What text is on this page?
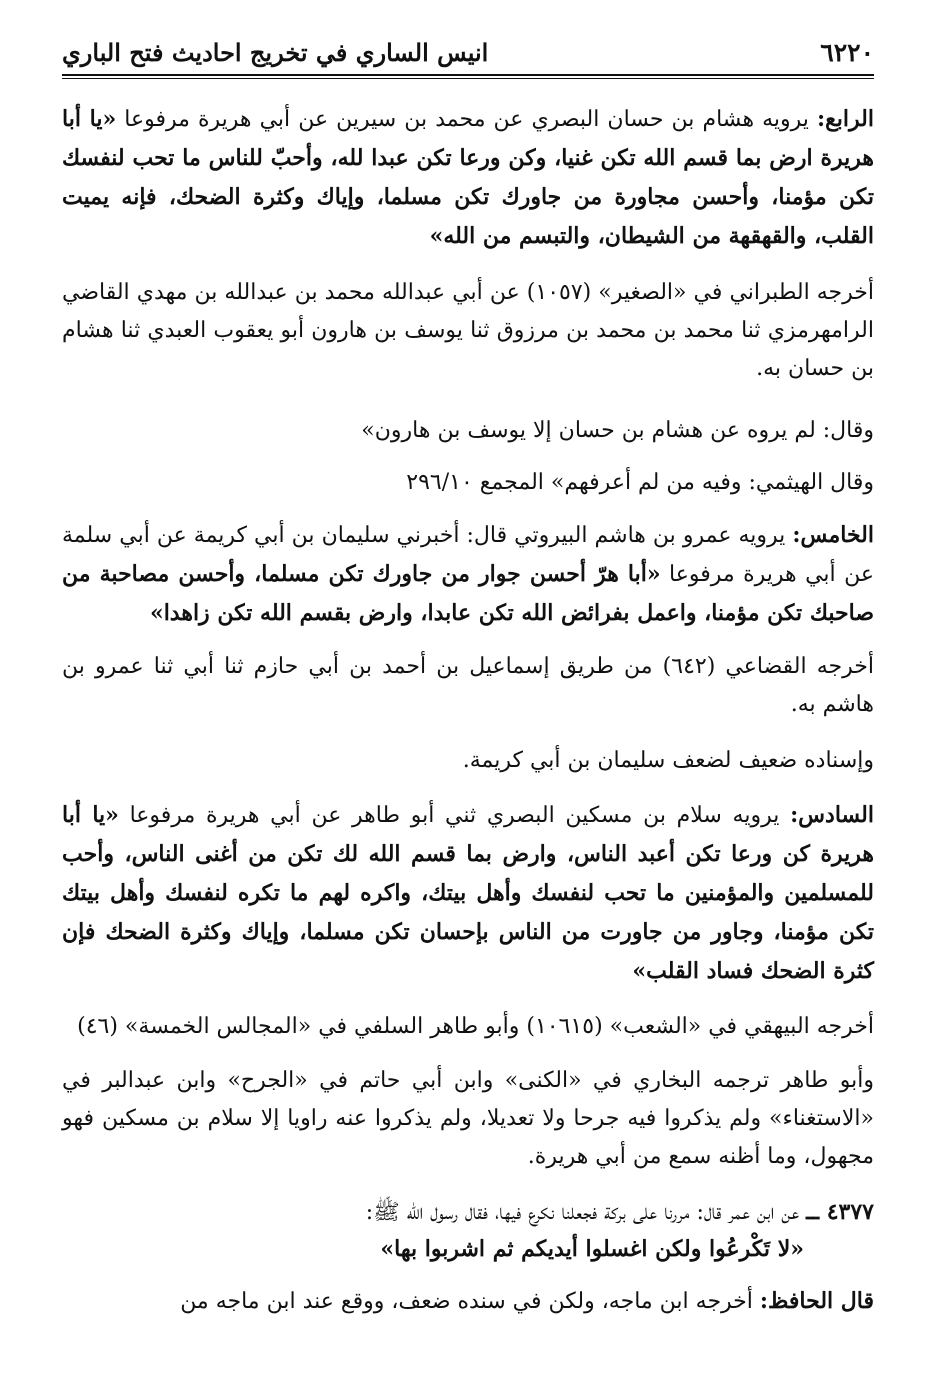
٦٢٢٠
انيس الساري في تخريج احاديث فتح الباري
الرابع: يرويه هشام بن حسان البصري عن محمد بن سيرين عن أبي هريرة مرفوعا «يا أبا هريرة ارض بما قسم الله تكن غنيا، وكن ورعا تكن عبدا لله، وأحبّ للناس ما تحب لنفسك تكن مؤمنا، وأحسن مجاورة من جاورك تكن مسلما، وإياك وكثرة الضحك، فإنه يميت القلب، والقهقهة من الشيطان، والتبسم من الله»
أخرجه الطبراني في «الصغير» (١٠٥٧) عن أبي عبدالله محمد بن عبدالله بن مهدي القاضي الرامهرمزي ثنا محمد بن محمد بن مرزوق ثنا يوسف بن هارون أبو يعقوب العبدي ثنا هشام بن حسان به.
وقال: لم يروه عن هشام بن حسان إلا يوسف بن هارون»
وقال الهيثمي: وفيه من لم أعرفهم» المجمع ٢٩٦/١٠
الخامس: يرويه عمرو بن هاشم البيروتي قال: أخبرني سليمان بن أبي كريمة عن أبي سلمة عن أبي هريرة مرفوعا «أبا هرّ أحسن جوار من جاورك تكن مسلما، وأحسن مصاحبة من صاحبك تكن مؤمنا، واعمل بفرائض الله تكن عابدا، وارض بقسم الله تكن زاهدا»
أخرجه القضاعي (٦٤٢) من طريق إسماعيل بن أحمد بن أبي حازم ثنا أبي ثنا عمرو بن هاشم به.
وإسناده ضعيف لضعف سليمان بن أبي كريمة.
السادس: يرويه سلام بن مسكين البصري ثني أبو طاهر عن أبي هريرة مرفوعا «يا أبا هريرة كن ورعا تكن أعبد الناس، وارض بما قسم الله لك تكن من أغنى الناس، وأحب للمسلمين والمؤمنين ما تحب لنفسك وأهل بيتك، واكره لهم ما تكره لنفسك وأهل بيتك تكن مؤمنا، وجاور من جاورت من الناس بإحسان تكن مسلما، وإياك وكثرة الضحك فإن كثرة الضحك فساد القلب»
أخرجه البيهقي في «الشعب» (١٠٦١٥) وأبو طاهر السلفي في «المجالس الخمسة» (٤٦)
وأبو طاهر ترجمه البخاري في «الكنى» وابن أبي حاتم في «الجرح» وابن عبدالبر في «الاستغناء» ولم يذكروا فيه جرحا ولا تعديلا، ولم يذكروا عنه راويا إلا سلام بن مسكين فهو مجهول، وما أظنه سمع من أبي هريرة.
٤٣٧٧ ــ عن ابن عمر قال: مررنا على بركة فجعلنا نكرع فيها، فقال رسول الله ﷺ:
«لا تَكْرعُوا ولكن اغسلوا أيديكم ثم اشربوا بها»
قال الحافظ: أخرجه ابن ماجه، ولكن في سنده ضعف، ووقع عند ابن ماجه من
